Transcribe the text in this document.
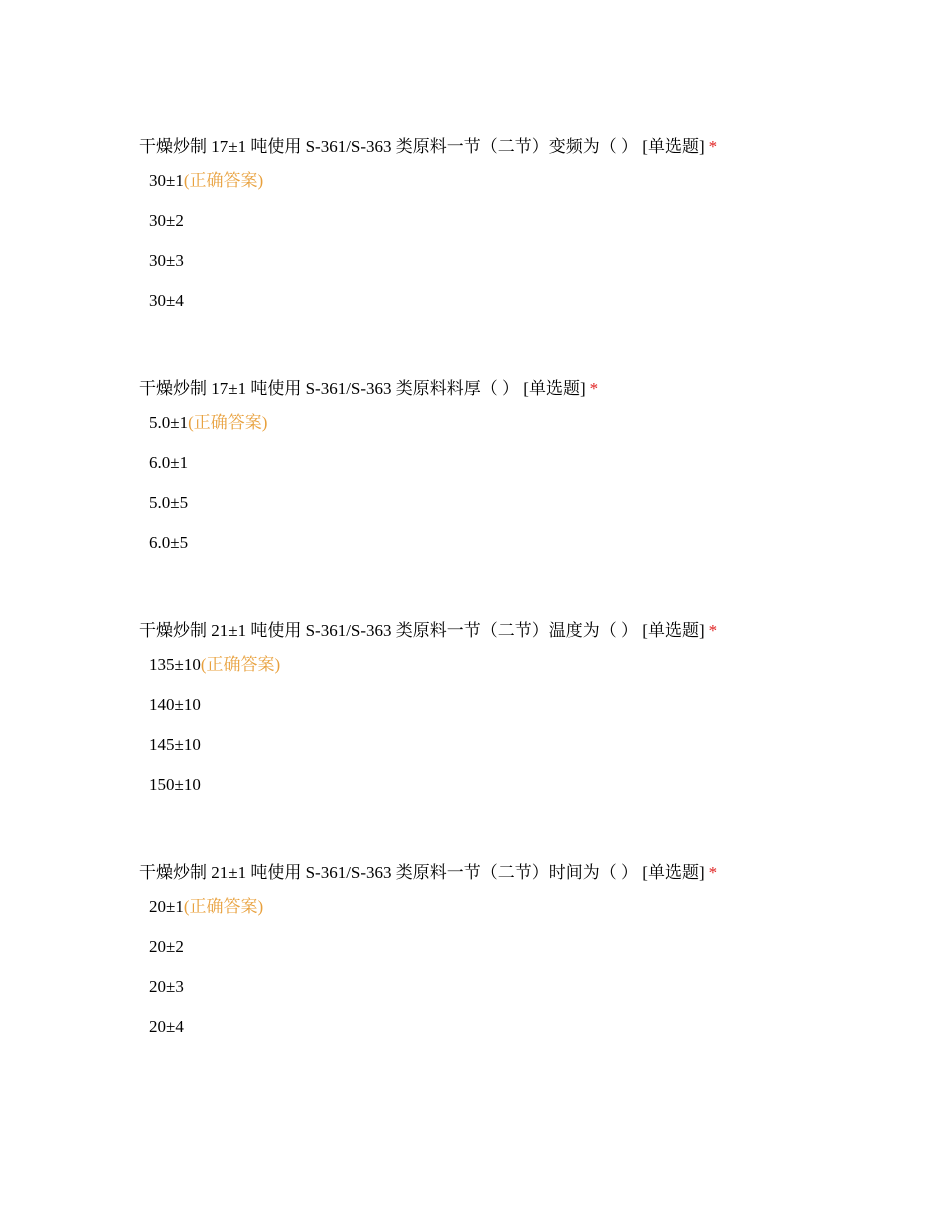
干燥炒制 17±1 吨使用 S-361/S-363 类原料一节（二节）变频为（ ） [单选题] *
30±1(正确答案)
30±2
30±3
30±4
干燥炒制 17±1 吨使用 S-361/S-363 类原料料厚（ ） [单选题] *
5.0±1(正确答案)
6.0±1
5.0±5
6.0±5
干燥炒制 21±1 吨使用 S-361/S-363 类原料一节（二节）温度为（ ） [单选题] *
135±10(正确答案)
140±10
145±10
150±10
干燥炒制 21±1 吨使用 S-361/S-363 类原料一节（二节）时间为（ ） [单选题] *
20±1(正确答案)
20±2
20±3
20±4
